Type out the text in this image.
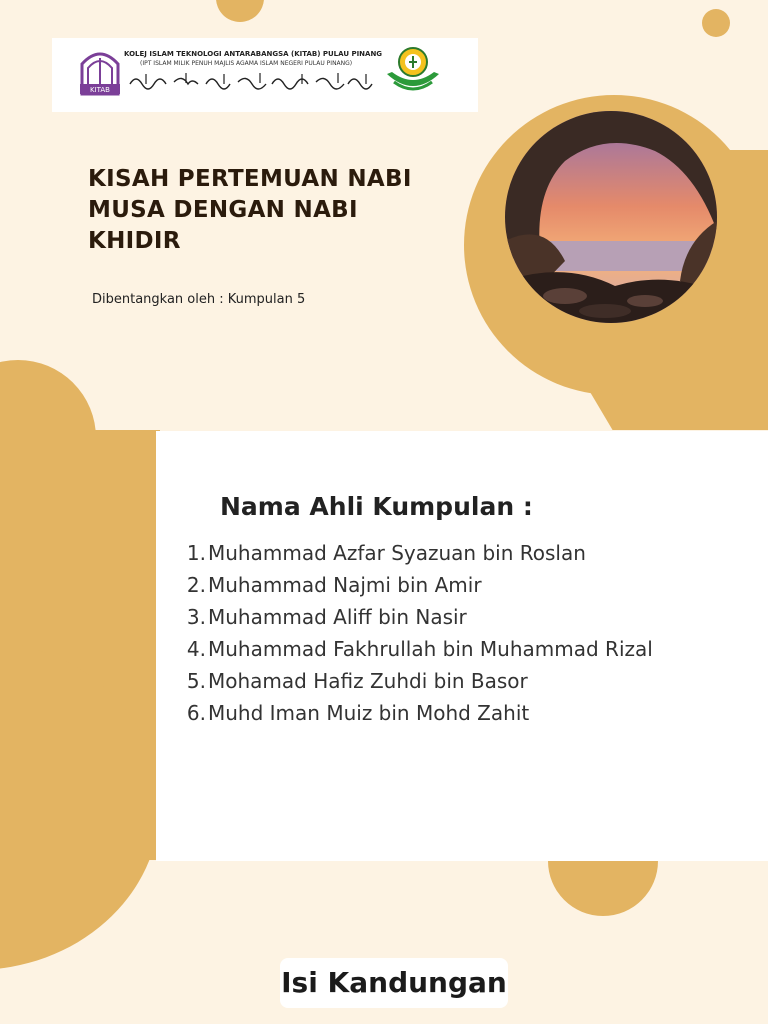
KITAB
KOLEJ ISLAM TEKNOLOGI ANTARABANGSA (KITAB) PULAU PINANG
(IPT ISLAM MILIK PENUH MAJLIS AGAMA ISLAM NEGERI PULAU PINANG)
KISAH PERTEMUAN NABI
MUSA DENGAN NABI
KHIDIR
Dibentangkan oleh : Kumpulan 5
Nama Ahli Kumpulan :
1. Muhammad Azfar Syazuan bin Roslan
2. Muhammad Najmi bin Amir
3. Muhammad Aliff bin Nasir
4. Muhammad Fakhrullah bin Muhammad Rizal
5. Mohamad Hafiz Zuhdi bin Basor
6. Muhd Iman Muiz bin Mohd Zahit
Isi Kandungan
